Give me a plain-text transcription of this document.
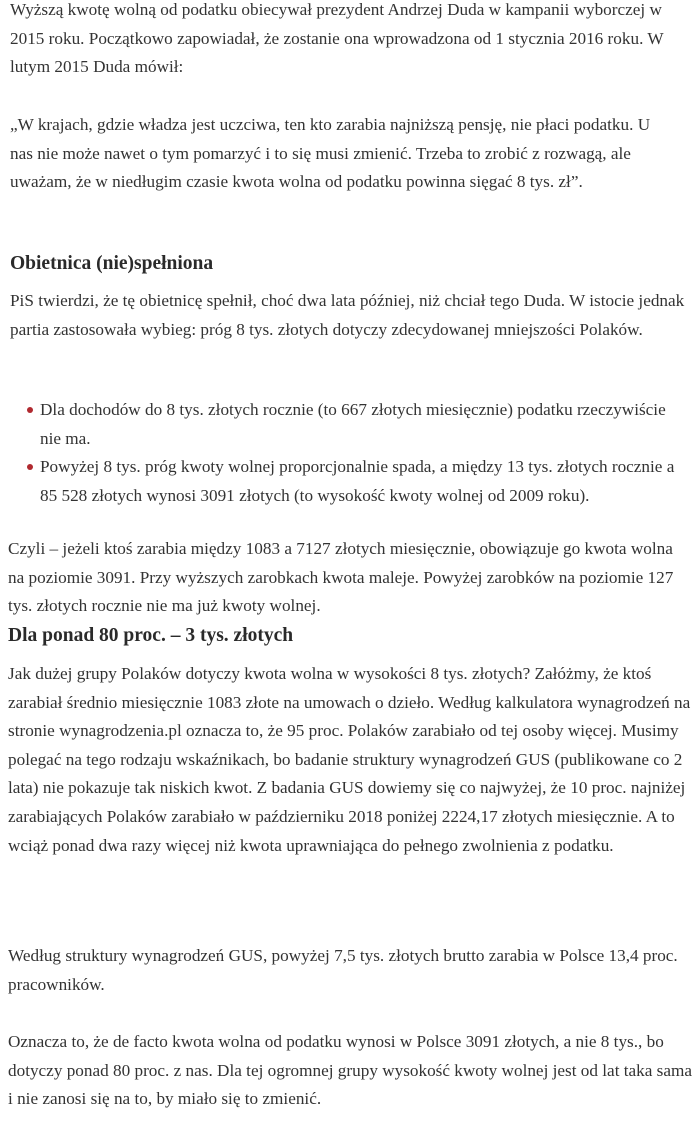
Wyższą kwotę wolną od podatku obiecywał prezydent Andrzej Duda w kampanii wyborczej w 2015 roku. Początkowo zapowiadał, że zostanie ona wprowadzona od 1 stycznia 2016 roku. W lutym 2015 Duda mówił:

„W krajach, gdzie władza jest uczciwa, ten kto zarabia najniższą pensję, nie płaci podatku. U nas nie może nawet o tym pomarzyć i to się musi zmienić. Trzeba to zrobić z rozwagą, ale uważam, że w niedługim czasie kwota wolna od podatku powinna sięgać 8 tys. zł”.

Obietnica (nie)spełniona

PiS twierdzi, że tę obietnicę spełnił, choć dwa lata później, niż chciał tego Duda. W istocie jednak partia zastosowała wybieg: próg 8 tys. złotych dotyczy zdecydowanej mniejszości Polaków.

Dla dochodów do 8 tys. złotych rocznie (to 667 złotych miesięcznie) podatku rzeczywiście nie ma.
Powyżej 8 tys. próg kwoty wolnej proporcjonalnie spada, a między 13 tys. złotych rocznie a 85 528 złotych wynosi 3091 złotych (to wysokość kwoty wolnej od 2009 roku).

Czyli – jeżeli ktoś zarabia między 1083 a 7127 złotych miesięcznie, obowiązuje go kwota wolna na poziomie 3091. Przy wyższych zarobkach kwota maleje. Powyżej zarobków na poziomie 127 tys. złotych rocznie nie ma już kwoty wolnej.

Dla ponad 80 proc. – 3 tys. złotych

Jak dużej grupy Polaków dotyczy kwota wolna w wysokości 8 tys. złotych? Załóżmy, że ktoś zarabiał średnio miesięcznie 1083 złote na umowach o dzieło. Według kalkulatora wynagrodzeń na stronie wynagrodzenia.pl oznacza to, że 95 proc. Polaków zarabiało od tej osoby więcej. Musimy polegać na tego rodzaju wskaźnikach, bo badanie struktury wynagrodzeń GUS (publikowane co 2 lata) nie pokazuje tak niskich kwot. Z badania GUS dowiemy się co najwyżej, że 10 proc. najniżej zarabiających Polaków zarabiało w październiku 2018 poniżej 2224,17 złotych miesięcznie. A to wciąż ponad dwa razy więcej niż kwota uprawniająca do pełnego zwolnienia z podatku.

Według struktury wynagrodzeń GUS, powyżej 7,5 tys. złotych brutto zarabia w Polsce 13,4 proc. pracowników.

Oznacza to, że de facto kwota wolna od podatku wynosi w Polsce 3091 złotych, a nie 8 tys., bo dotyczy ponad 80 proc. z nas. Dla tej ogromnej grupy wysokość kwoty wolnej jest od lat taka sama i nie zanosi się na to, by miało się to zmienić.
